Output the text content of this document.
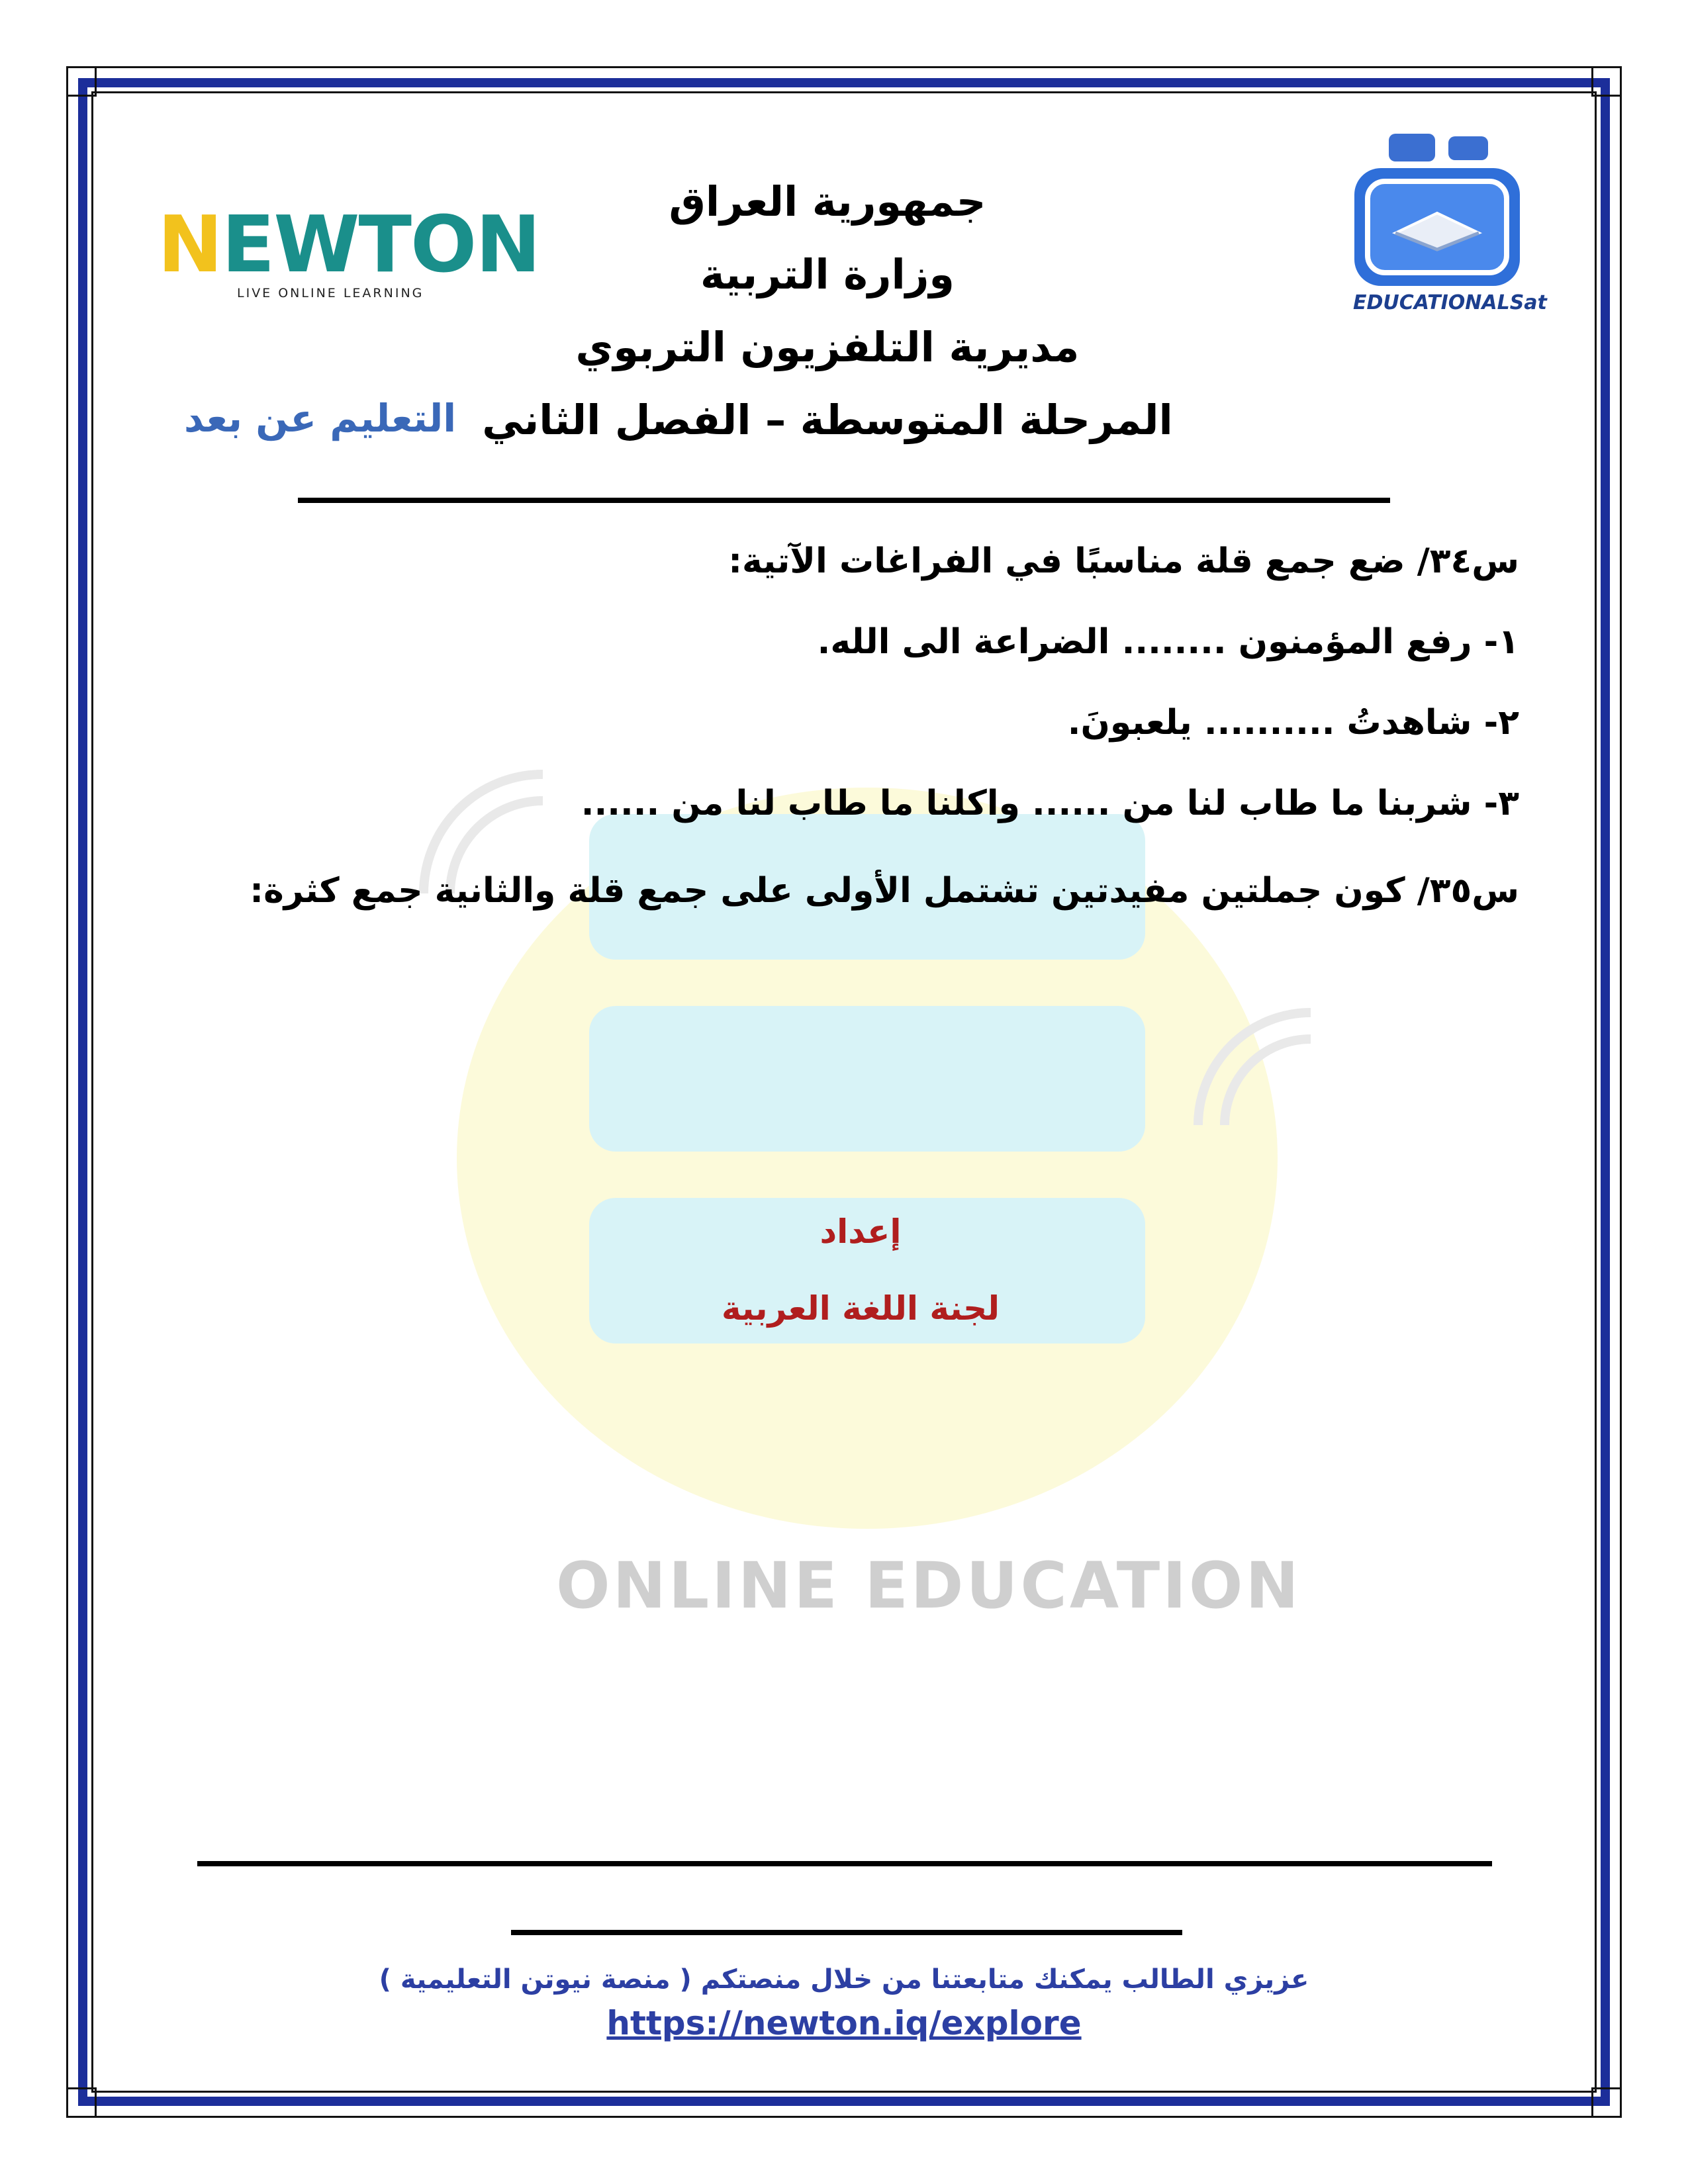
ONLINE EDUCATION
NEWTON
LIVE ONLINE LEARNING
التعليم عن بعد
EDUCATIONALSat
جمهورية العراق
وزارة التربية
مديرية التلفزيون التربوي
المرحلة المتوسطة – الفصل الثاني
س٣٤/ ضع جمع قلة مناسبًا في الفراغات الآتية:
١- رفع المؤمنون ........ الضراعة الى الله.
٢- شاهدتُ .......... يلعبونَ.
٣- شربنا ما طاب لنا من ...... واكلنا ما طاب لنا من ......
س٣٥/ كون جملتين مفيدتين تشتمل الأولى على جمع قلة والثانية جمع كثرة:
إعداد
لجنة اللغة العربية
عزيزي الطالب يمكنك متابعتنا من خلال منصتكم ( منصة نيوتن التعليمية )
https://newton.iq/explore
